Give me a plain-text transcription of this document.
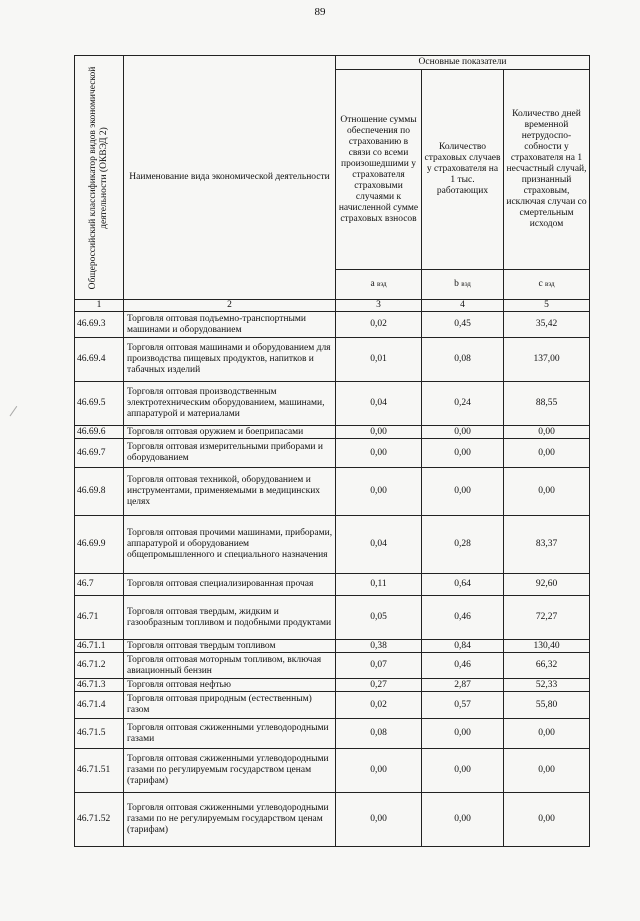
89
Общероссийский классификатор видов экономической деятельности (ОКВЭД 2)	Наименование вида экономической деятельности	Основные показатели		
		Отношение суммы обеспечения по страхованию в связи со всеми произошедшими у страхователя страховыми случаями к начисленной сумме страховых взносов	Количество страховых случаев у страхователя на 1 тыс. работающих	Количество дней временной нетрудоспо-собности у страхователя на 1 несчастный случай, признанный страховым, исключая случаи со смертельным исходом
		a вэд	b вэд	c вэд
1	2	3	4	5
46.69.3	Торговля оптовая подъемно-транспортными машинами и оборудованием	0,02	0,45	35,42
46.69.4	Торговля оптовая машинами и оборудованием для производства пищевых продуктов, напитков и табачных изделий	0,01	0,08	137,00
46.69.5	Торговля оптовая производственным электротехническим оборудованием, машинами, аппаратурой и материалами	0,04	0,24	88,55
46.69.6	Торговля оптовая оружием и боеприпасами	0,00	0,00	0,00
46.69.7	Торговля оптовая измерительными приборами и оборудованием	0,00	0,00	0,00
46.69.8	Торговля оптовая техникой, оборудованием и инструментами, применяемыми в медицинских целях	0,00	0,00	0,00
46.69.9	Торговля оптовая прочими машинами, приборами, аппаратурой и оборудованием общепромышленного и специального назначения	0,04	0,28	83,37
46.7	Торговля оптовая специализированная прочая	0,11	0,64	92,60
46.71	Торговля оптовая твердым, жидким и газообразным топливом и подобными продуктами	0,05	0,46	72,27
46.71.1	Торговля оптовая твердым топливом	0,38	0,84	130,40
46.71.2	Торговля оптовая моторным топливом, включая авиационный бензин	0,07	0,46	66,32
46.71.3	Торговля оптовая нефтью	0,27	2,87	52,33
46.71.4	Торговля оптовая природным (естественным) газом	0,02	0,57	55,80
46.71.5	Торговля оптовая сжиженными углеводородными газами	0,08	0,00	0,00
46.71.51	Торговля оптовая сжиженными углеводородными газами по регулируемым государством ценам (тарифам)	0,00	0,00	0,00
46.71.52	Торговля оптовая сжиженными углеводородными газами по не регулируемым государством ценам (тарифам)	0,00	0,00	0,00
